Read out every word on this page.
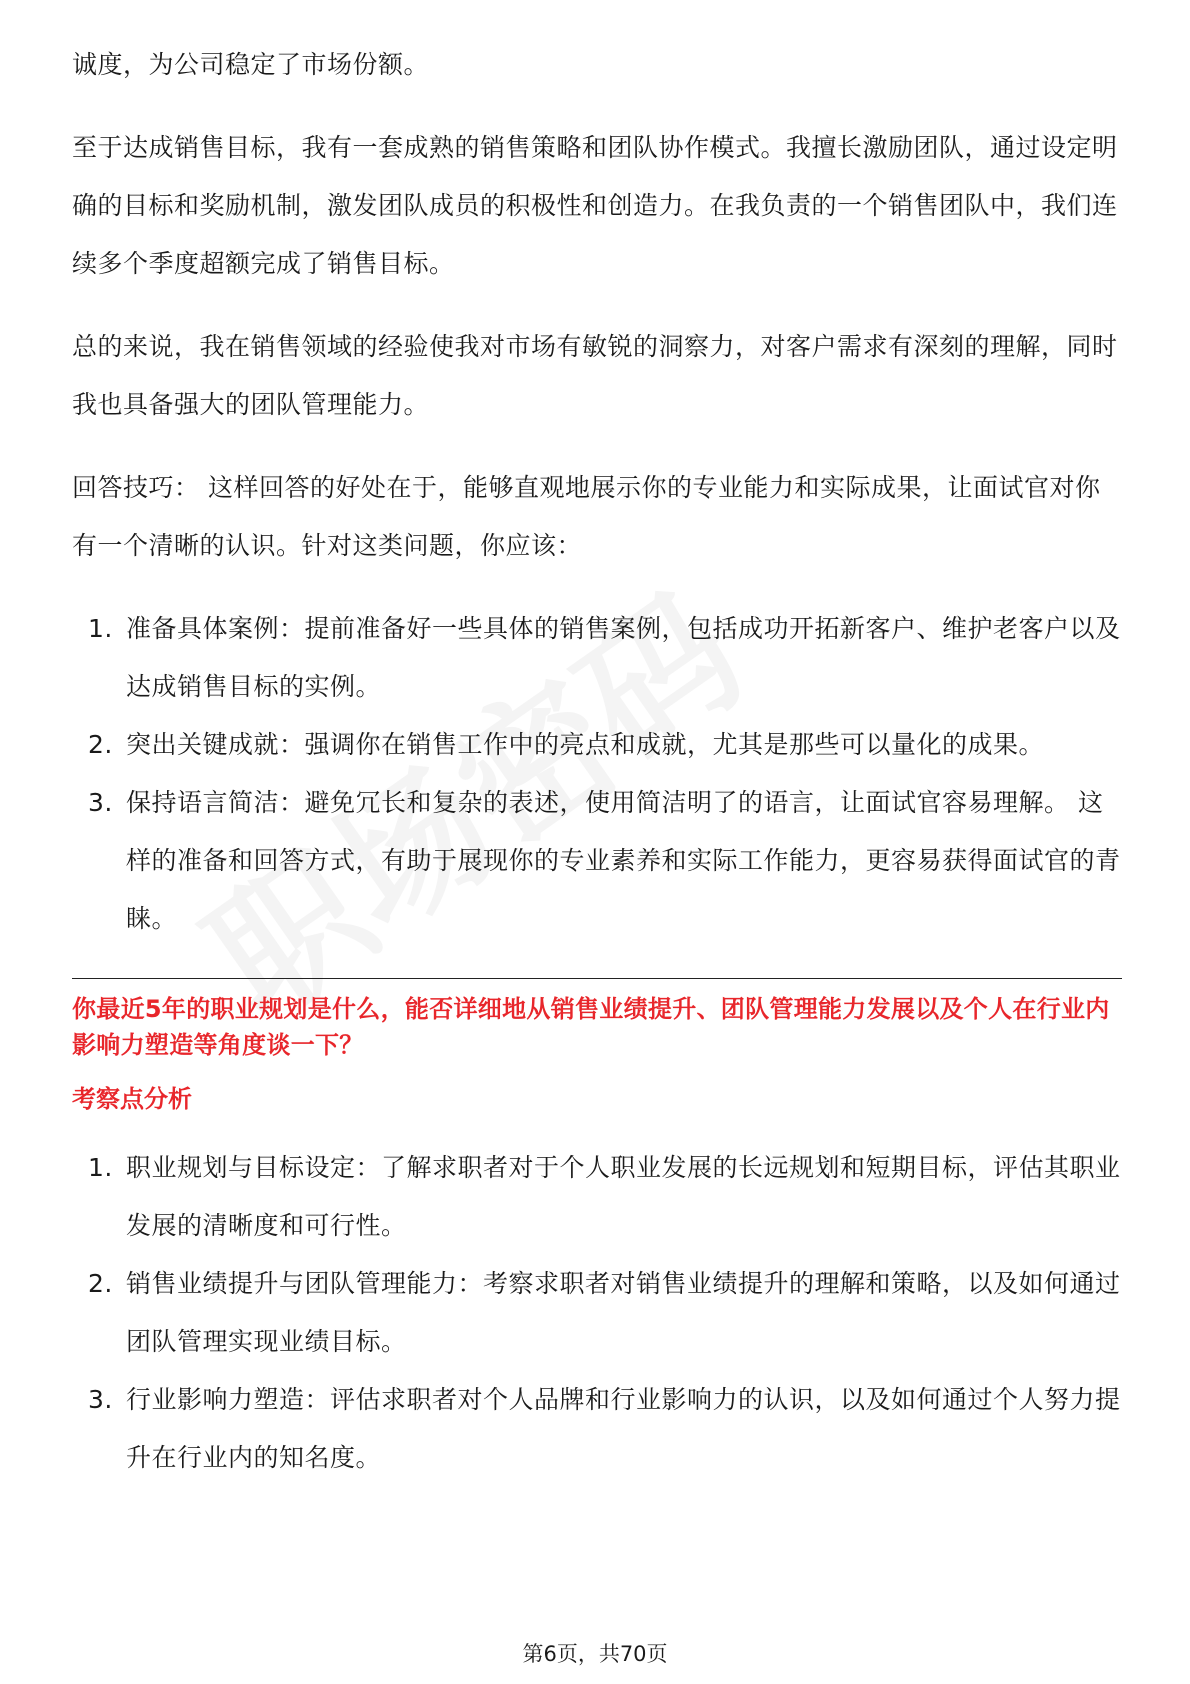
诚度，为公司稳定了市场份额。

至于达成销售目标，我有一套成熟的销售策略和团队协作模式。我擅长激励团队，通过设定明确的目标和奖励机制，激发团队成员的积极性和创造力。在我负责的一个销售团队中，我们连续多个季度超额完成了销售目标。

总的来说，我在销售领域的经验使我对市场有敏锐的洞察力，对客户需求有深刻的理解，同时我也具备强大的团队管理能力。

回答技巧： 这样回答的好处在于，能够直观地展示你的专业能力和实际成果，让面试官对你有一个清晰的认识。针对这类问题，你应该：

1. 准备具体案例：提前准备好一些具体的销售案例，包括成功开拓新客户、维护老客户以及达成销售目标的实例。
2. 突出关键成就：强调你在销售工作中的亮点和成就，尤其是那些可以量化的成果。
3. 保持语言简洁：避免冗长和复杂的表述，使用简洁明了的语言，让面试官容易理解。 这样的准备和回答方式，有助于展现你的专业素养和实际工作能力，更容易获得面试官的青睐。

你最近5年的职业规划是什么，能否详细地从销售业绩提升、团队管理能力发展以及个人在行业内影响力塑造等角度谈一下？

考察点分析

1. 职业规划与目标设定：了解求职者对于个人职业发展的长远规划和短期目标，评估其职业发展的清晰度和可行性。
2. 销售业绩提升与团队管理能力：考察求职者对销售业绩提升的理解和策略，以及如何通过团队管理实现业绩目标。
3. 行业影响力塑造：评估求职者对个人品牌和行业影响力的认识，以及如何通过个人努力提升在行业内的知名度。
第6页，共70页
